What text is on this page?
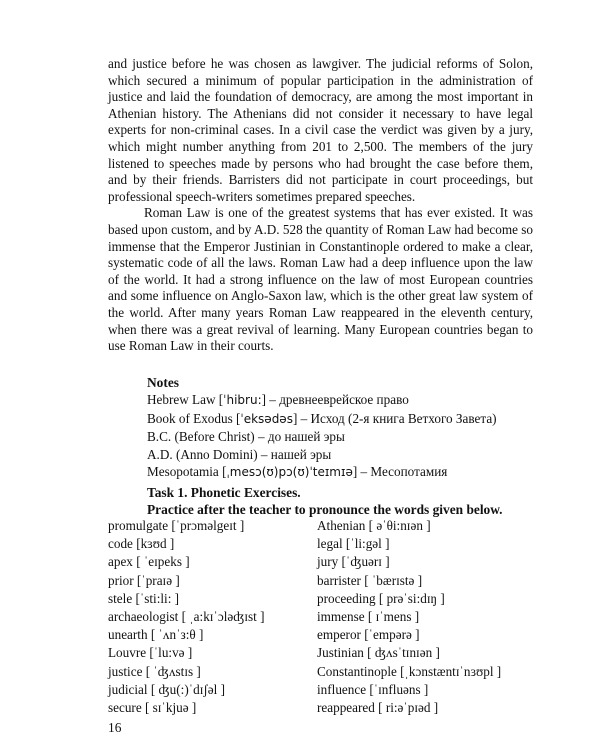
and justice before he was chosen as lawgiver. The judicial reforms of Solon, which secured a minimum of popular participation in the administration of justice and laid the foundation of democracy, are among the most important in Athenian history. The Athenians did not consider it necessary to have legal experts for non-criminal cases. In a civil case the verdict was given by a jury, which might number anything from 201 to 2,500. The members of the jury listened to speeches made by persons who had brought the case before them, and by their friends. Barristers did not participate in court proceedings, but professional speech-writers sometimes prepared speeches.

Roman Law is one of the greatest systems that has ever existed. It was based upon custom, and by A.D. 528 the quantity of Roman Law had become so immense that the Emperor Justinian in Constantinople ordered to make a clear, systematic code of all the laws. Roman Law had a deep influence upon the law of the world. It had a strong influence on the law of most European countries and some influence on Anglo-Saxon law, which is the other great law system of the world. After many years Roman Law reappeared in the eleventh century, when there was a great revival of learning. Many European countries began to use Roman Law in their courts.

Notes
Hebrew Law [ˈhibru:] – древнееврейское право
Book of Exodus [ˈeksədəs] – Исход (2-я книга Ветхого Завета)
B.C. (Before Christ) – до нашей эры
A.D. (Anno Domini) – нашей эры
Mesopotamia [ˌmesɔ(ʊ)pɔ(ʊ)ˈteɪmɪə] – Месопотамия
Task 1. Phonetic Exercises.
Practice after the teacher to pronounce the words given below.
promulgate [ˈprɔməlgeɪt ]	Athenian [ əˈθi:nɪən ]
code [kɜʊd ]	legal [ˈli:gəl ]
apex [ ˈeɪpeks ]	jury [ˈʤuərɪ ]
prior [ˈpraɪə ]	barrister [ ˈbærɪstə ]
stele [ˈsti:li: ]	proceeding [ prəˈsi:dɪŋ ]
archaeologist [ ˌa:kɪˈɔləʤɪst ]	immense [ ɪˈmens ]
unearth [ ˈʌnˈз:θ ]	emperor [ˈempərə ]
Louvre [ˈlu:və ]	Justinian [ ʤʌsˈtɪnɪən ]
justice [ ˈʤʌstɪs ]	Constantinople [ˌkɔnstæntɪˈnɜʊpl ]
judicial [ ʤu(:)ˈdɪʃəl ]	influence [ˈɪnfluəns ]
secure [ sɪˈkjuə ]	reappeared [ ri:əˈpɪəd ]
16
